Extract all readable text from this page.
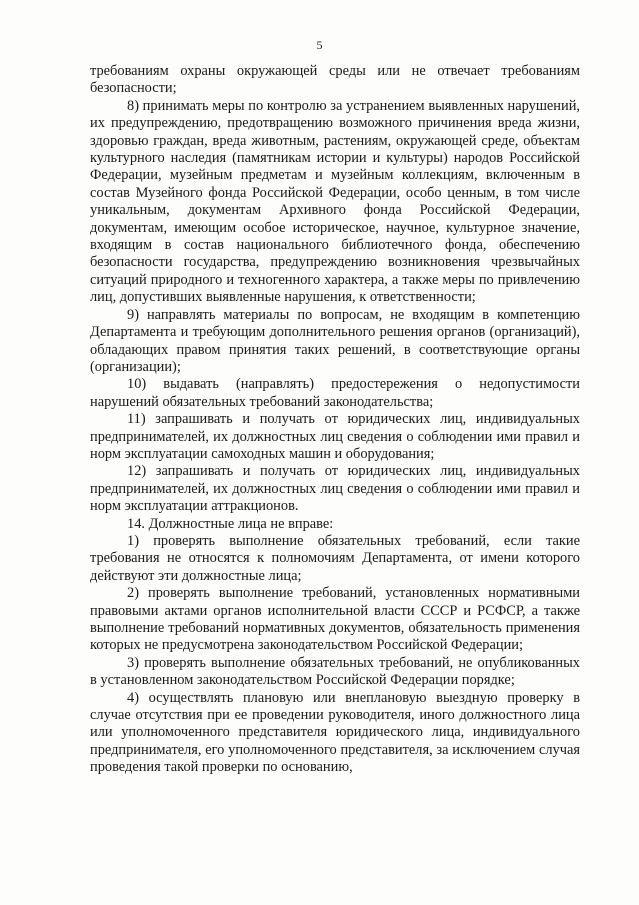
5

требованиям охраны окружающей среды или не отвечает требованиям безопасности;

8) принимать меры по контролю за устранением выявленных нарушений, их предупреждению, предотвращению возможного причинения вреда жизни, здоровью граждан, вреда животным, растениям, окружающей среде, объектам культурного наследия (памятникам истории и культуры) народов Российской Федерации, музейным предметам и музейным коллекциям, включенным в состав Музейного фонда Российской Федерации, особо ценным, в том числе уникальным, документам Архивного фонда Российской Федерации, документам, имеющим особое историческое, научное, культурное значение, входящим в состав национального библиотечного фонда, обеспечению безопасности государства, предупреждению возникновения чрезвычайных ситуаций природного и техногенного характера, а также меры по привлечению лиц, допустивших выявленные нарушения, к ответственности;

9) направлять материалы по вопросам, не входящим в компетенцию Департамента и требующим дополнительного решения органов (организаций), обладающих правом принятия таких решений, в соответствующие органы (организации);

10) выдавать (направлять) предостережения о недопустимости нарушений обязательных требований законодательства;

11) запрашивать и получать от юридических лиц, индивидуальных предпринимателей, их должностных лиц сведения о соблюдении ими правил и норм эксплуатации самоходных машин и оборудования;

12) запрашивать и получать от юридических лиц, индивидуальных предпринимателей, их должностных лиц сведения о соблюдении ими правил и норм эксплуатации аттракционов.

14. Должностные лица не вправе:

1) проверять выполнение обязательных требований, если такие требования не относятся к полномочиям Департамента, от имени которого действуют эти должностные лица;

2) проверять выполнение требований, установленных нормативными правовыми актами органов исполнительной власти СССР и РСФСР, а также выполнение требований нормативных документов, обязательность применения которых не предусмотрена законодательством Российской Федерации;

3) проверять выполнение обязательных требований, не опубликованных в установленном законодательством Российской Федерации порядке;

4) осуществлять плановую или внеплановую выездную проверку в случае отсутствия при ее проведении руководителя, иного должностного лица или уполномоченного представителя юридического лица, индивидуального предпринимателя, его уполномоченного представителя, за исключением случая проведения такой проверки по основанию,
